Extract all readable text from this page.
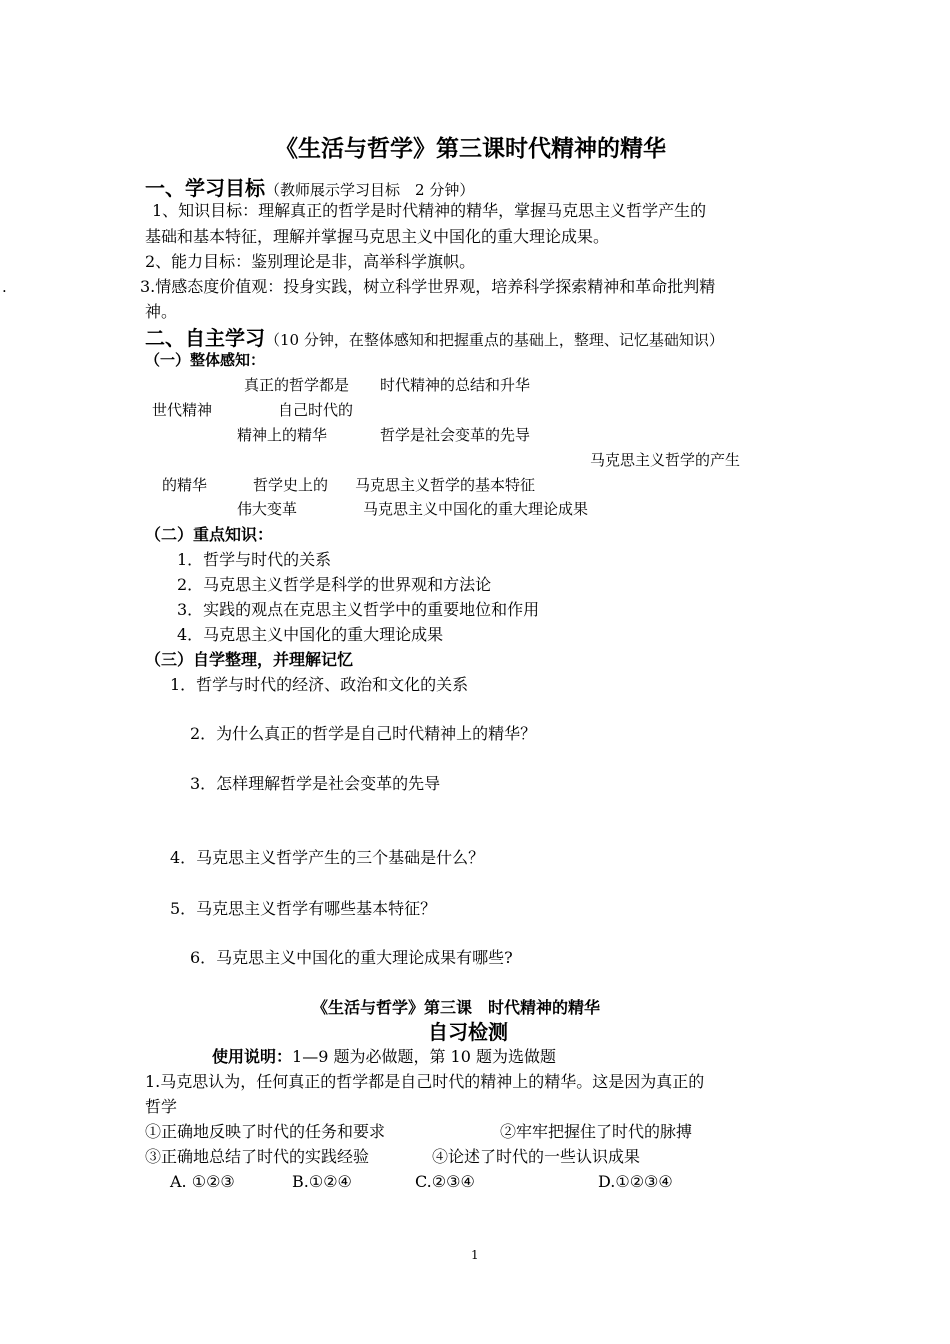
《生活与哲学》第三课时代精神的精华
一、学习目标（教师展示学习目标　2 分钟）
1、知识目标：理解真正的哲学是时代精神的精华，掌握马克思主义哲学产生的
基础和基本特征，理解并掌握马克思主义中国化的重大理论成果。
2、能力目标：鉴别理论是非，高举科学旗帜。
.	3.情感态度价值观：投身实践，树立科学世界观，培养科学探索精神和革命批判精
神。
二、自主学习（10 分钟，在整体感知和把握重点的基础上，整理、记忆基础知识）
（一）整体感知：
真正的哲学都是 时代精神的总结和升华
世代精神	自己时代的
精神上的精华	哲学是社会变革的先导
马克思主义哲学的产生
的精华	哲学史上的 马克思主义哲学的基本特征
伟大变革	马克思主义中国化的重大理论成果
（二）重点知识：
1．哲学与时代的关系
2．马克思主义哲学是科学的世界观和方法论
3．实践的观点在克思主义哲学中的重要地位和作用
4．马克思主义中国化的重大理论成果
（三）自学整理，并理解记忆
1．哲学与时代的经济、政治和文化的关系
2．为什么真正的哲学是自己时代精神上的精华？
3．怎样理解哲学是社会变革的先导
4．马克思主义哲学产生的三个基础是什么？
5．马克思主义哲学有哪些基本特征？
6．马克思主义中国化的重大理论成果有哪些?
《生活与哲学》第三课　时代精神的精华
自习检测
使用说明：1—9 题为必做题，第 10 题为选做题
1.马克思认为，任何真正的哲学都是自己时代的精神上的精华。这是因为真正的
哲学
①正确地反映了时代的任务和要求	②牢牢把握住了时代的脉搏
③正确地总结了时代的实践经验	④论述了时代的一些认识成果
A. ①②③	B.①②④	C.②③④	D.①②③④
1
